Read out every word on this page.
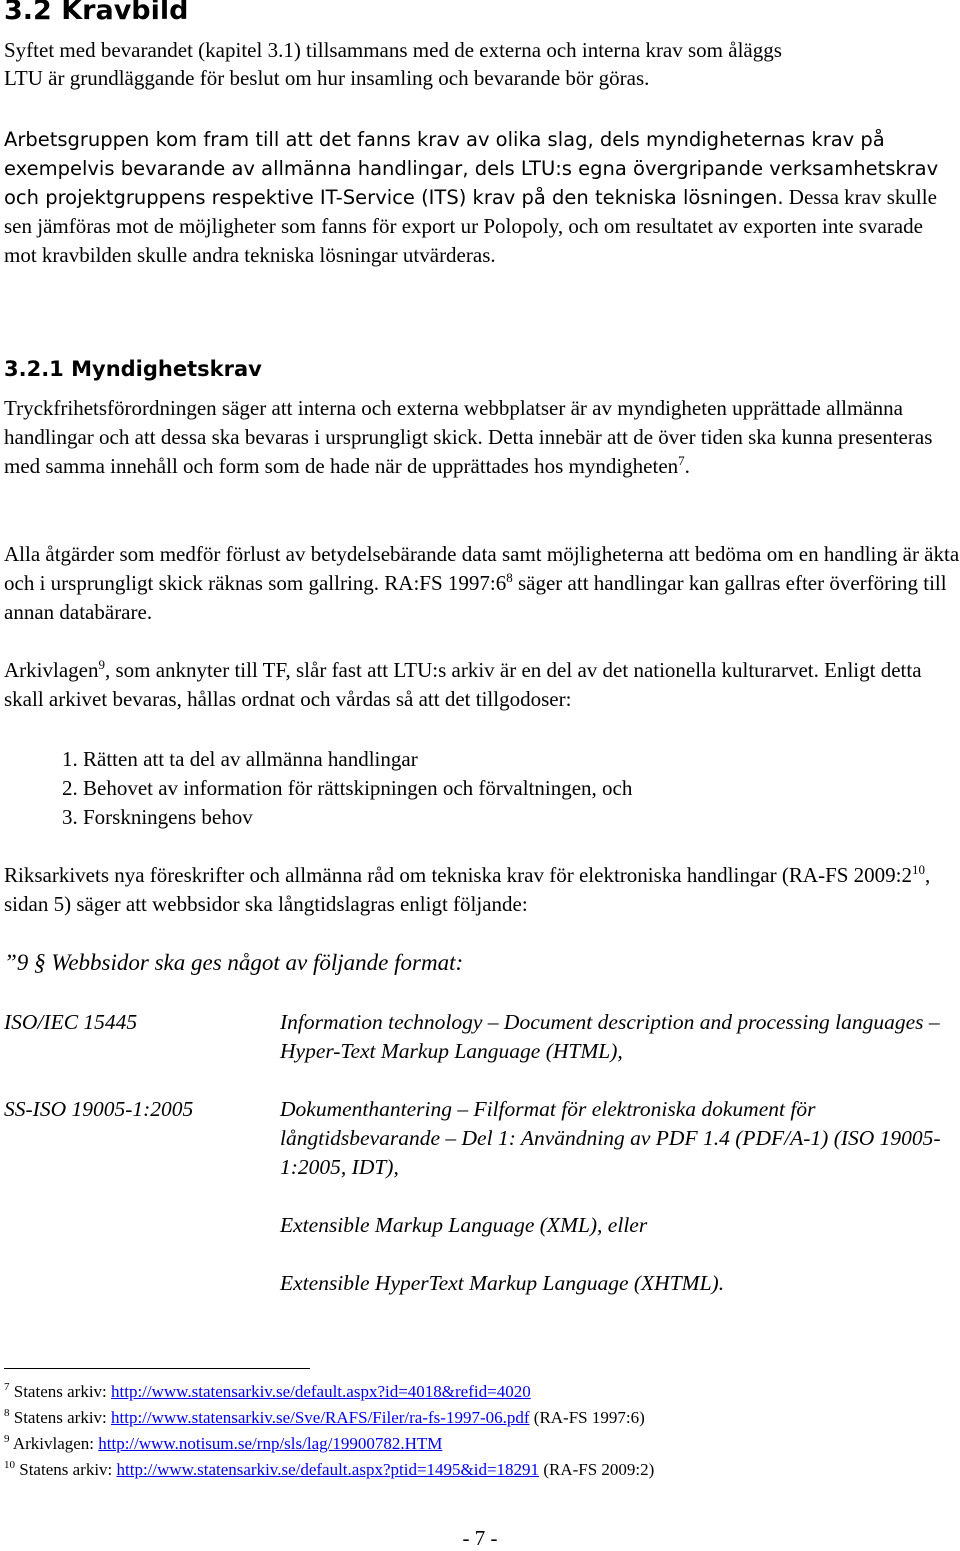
3.2 Kravbild

Syftet med bevarandet (kapitel 3.1) tillsammans med de externa och interna krav som åläggs
LTU är grundläggande för beslut om hur insamling och bevarande bör göras.

Arbetsgruppen kom fram till att det fanns krav av olika slag, dels myndigheternas krav på exempelvis bevarande av allmänna handlingar, dels LTU:s egna övergripande verksamhetskrav och projektgruppens respektive IT-Service (ITS) krav på den tekniska lösningen. Dessa krav skulle sen jämföras mot de möjligheter som fanns för export ur Polopoly, och om resultatet av exporten inte svarade mot kravbilden skulle andra tekniska lösningar utvärderas.

3.2.1 Myndighetskrav

Tryckfrihetsförordningen säger att interna och externa webbplatser är av myndigheten upprättade allmänna handlingar och att dessa ska bevaras i ursprungligt skick. Detta innebär att de över tiden ska kunna presenteras med samma innehåll och form som de hade när de upprättades hos myndigheten$^7$.

Alla åtgärder som medför förlust av betydelsebärande data samt möjligheterna att bedöma om en handling är äkta och i ursprungligt skick räknas som gallring. RA:FS $1997:6^8$ säger att handlingar kan gallras efter överföring till annan databärare.

Arkivlagen$^9$, som anknyter till TF, slår fast att LTU:s arkiv är en del av det nationella kulturarvet. Enligt detta skall arkivet bevaras, hållas ordnat och vårdas så att det tillgodoser:

1. Rätten att ta del av allmänna handlingar
2. Behovet av information för rättskipningen och förvaltningen, och
3. Forskningens behov

Riksarkivets nya föreskrifter och allmänna råd om tekniska krav för elektroniska handlingar (RA-FS $2009:2^{10}$, sidan 5) säger att webbsidor ska långtidslagras enligt följande:

”9 § Webbsidor ska ges något av följande format:

ISO/IEC 15445	Information technology – Document description and processing languages – Hyper-Text Markup Language (HTML),

SS-ISO 19005-1:2005	Dokumenthantering – Filformat för elektroniska dokument för långtidsbevarande – Del 1: Användning av PDF 1.4 (PDF/A-1) (ISO 19005-1:2005, IDT),

Extensible Markup Language (XML), eller

Extensible HyperText Markup Language (XHTML).

$^7$ Statens arkiv: http://www.statensarkiv.se/default.aspx?id=4018&refid=4020

$^8$ Statens arkiv: http://www.statensarkiv.se/Sve/RAFS/Filer/ra-fs-1997-06.pdf (RA-FS 1997:6)

$^9$ Arkivlagen: http://www.notisum.se/rnp/sls/lag/19900782.HTM

$^{10}$ Statens arkiv: http://www.statensarkiv.se/default.aspx?ptid=1495&id=18291 (RA-FS 2009:2)

- 7 -
